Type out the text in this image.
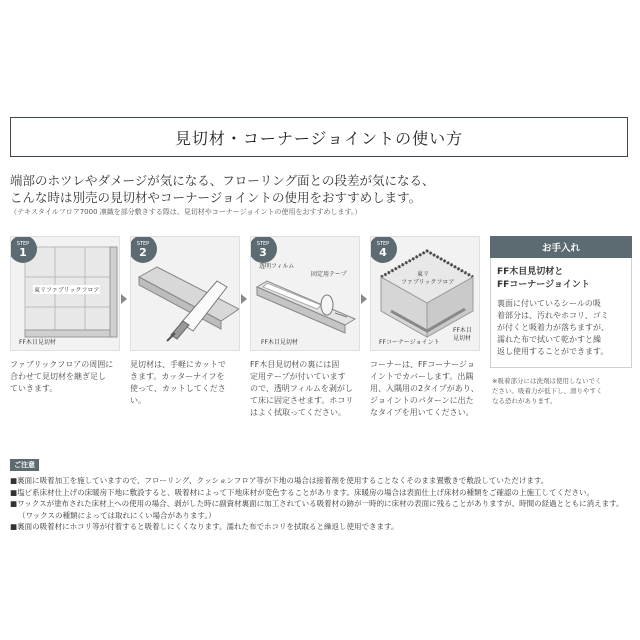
見切材・コーナージョイントの使い方
端部のホツレやダメージが気になる、フローリング面との段差が気になる、
こんな時は別売の見切材やコーナージョイントの使用をおすすめします。
（テキスタイルフロア7000 凛織を部分敷きする際は、見切材やコーナージョイントの使用をおすすめします。）
STEP
1
東リファブリックフロア
FF木目見切材
ファブリックフロアの周囲に
合わせて見切材を継ぎ足し
ていきます。
STEP
2
見切材は、手軽にカットで
きます。カッターナイフを
使って、カットしてください。
STEP
3
透明フィルム
固定用テープ
FF木目見切材
FF木目見切材の裏には固
定用テープが付いています
ので、透明フィルムを剥がし
て床に固定させます。ホコリ
はよく拭取ってください。
STEP
4
東リ
ファブリックフロア
FFコーナージョイント
FF木目
見切材
コーナーは、FFコーナージョ
イントでカバーします。出隅
用、入隅用の2タイプがあり、
ジョイントのパターンに出た
なタイプを用いてください。
お手入れ
FF木目見切材と
FFコーナージョイント
裏面に付いているシールの吸
着部分は、汚れやホコリ、ゴミ
が付くと吸着力が落ちますが、
濡れた布で拭いて乾かすと繰
返し使用することができます。
※吸着部分には洗剤は使用しないでく
ださい。吸着力が低下し、滑りやすく
なる恐れがあります。
ご注意
■裏面に吸着加工を施していますので、フローリング、クッションフロア等が下地の場合は接着剤を使用することなくそのまま置敷きで敷設していただけます。
■塩ビ系床材仕上げの床暖房下地に敷設すると、吸着材によって下地床材が変色することがあります。床暖房の場合は表面仕上げ床材の種類をご確認の上施工してください。
■ワックスが塗布された床材上への使用の場合、剥がした時に副資材裏面に加工されている吸着材の跡が一時的に床材の表面に残ることがありますが、時間の経過とともに消えます。
（ワックスの種類によっては取れにくい場合があります。）
■裏面の吸着材にホコリ等が付着すると吸着しにくくなります。濡れた布でホコリを拭取ると繰返し使用できます。
